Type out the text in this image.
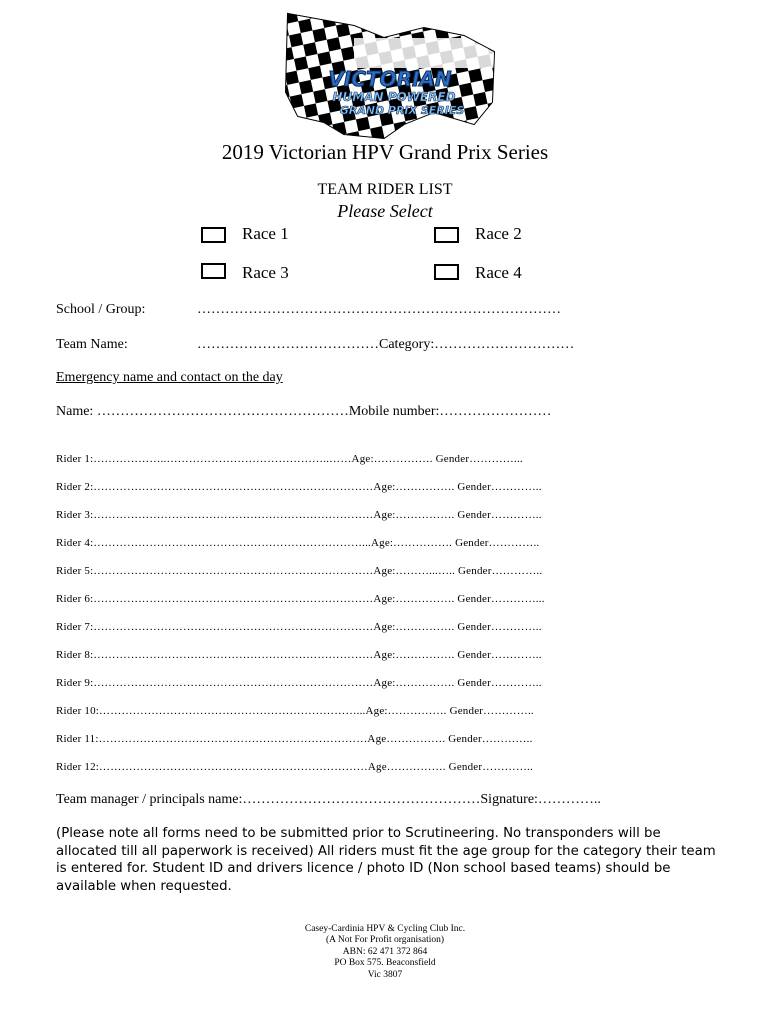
VICTORIAN
HUMAN POWERED
GRAND PRIX SERIES
2019 Victorian HPV Grand Prix Series
TEAM RIDER LIST
Please Select
Race 1	Race 2
Race 3	Race 4
School / Group:	……………………………………………………………………
Team Name:	…………………………………Category:…………………………
Emergency name and contact on the day
Name: ………………………………………………Mobile number:……………………
Rider 1:………………..……………………………………..……Age:……………. Gender…………...
Rider 2:…………………………………………………………………Age:……………. Gender…………..
Rider 3:…………………………………………………………………Age:……………. Gender…………..
Rider 4:………………………………………………………………...Age:……………. Gender…………..
Rider 5:…………………………………………………………………Age:………...….. Gender…………..
Rider 6:…………………………………………………………………Age:……………. Gender…………...
Rider 7:…………………………………………………………………Age:……………. Gender…………..
Rider 8:…………………………………………………………………Age:……………. Gender…………..
Rider 9:…………………………………………………………………Age:……………. Gender…………..
Rider 10:……………………………………………………………...Age:……………. Gender…………..
Rider 11:………………………………………………………………Age……………. Gender…………..
Rider 12:………………………………………………………………Age……………. Gender…………..
Team manager / principals name:……………………………………………Signature:…………..
(Please note all forms need to be submitted prior to Scrutineering. No transponders will be allocated till all paperwork is received) All riders must fit the age group for the category their team is entered for. Student ID and drivers licence / photo ID (Non school based teams) should be available when requested.
Casey-Cardinia HPV & Cycling Club Inc.
(A Not For Profit organisation)
ABN: 62 471 372 864
PO Box 575. Beaconsfield
Vic 3807
